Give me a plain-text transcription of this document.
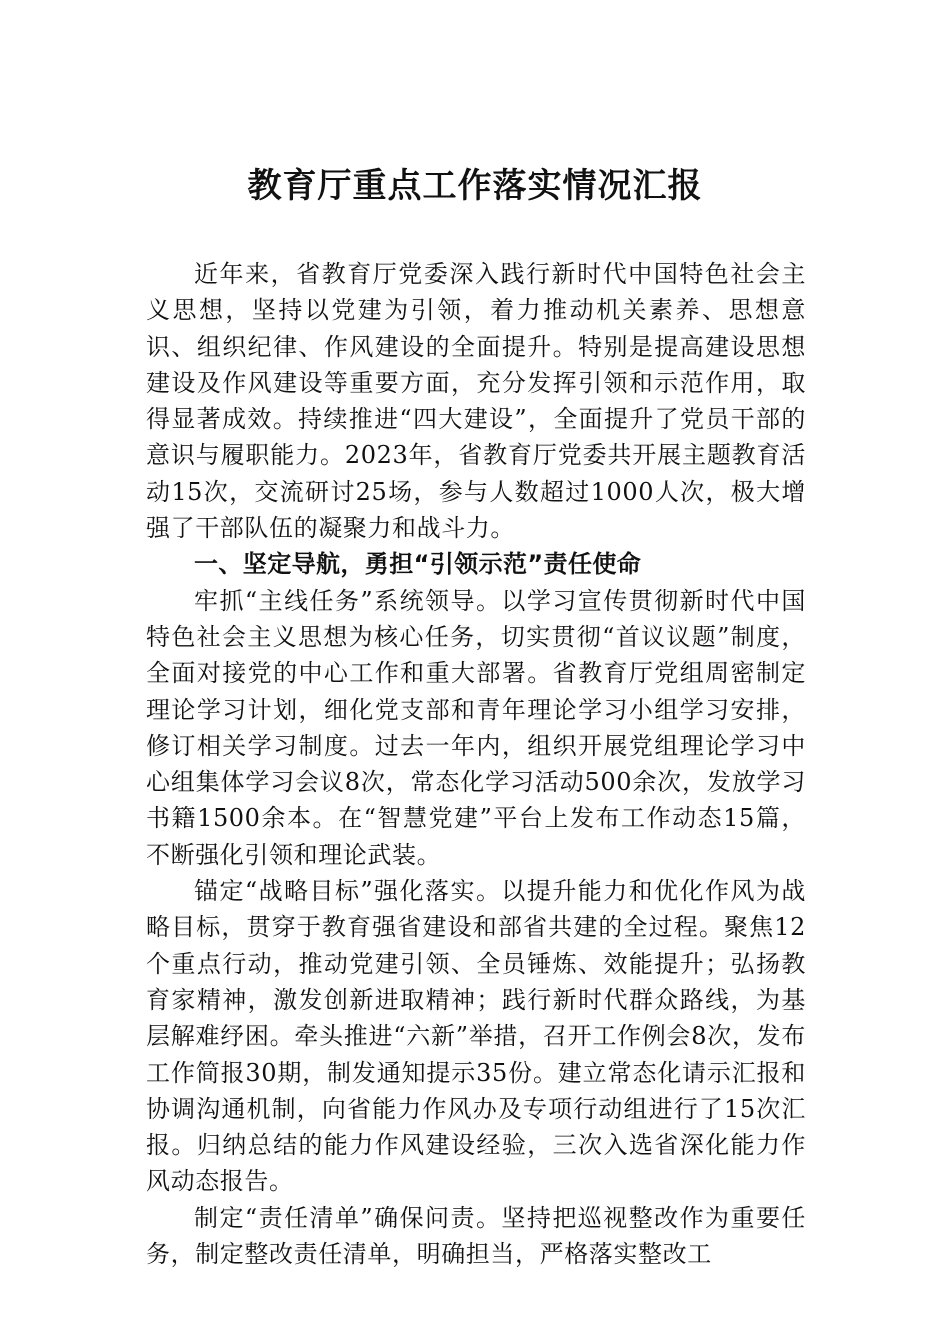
教育厅重点工作落实情况汇报

近年来，省教育厅党委深入践行新时代中国特色社会主义思想，坚持以党建为引领，着力推动机关素养、思想意识、组织纪律、作风建设的全面提升。特别是提高建设思想建设及作风建设等重要方面，充分发挥引领和示范作用，取得显著成效。持续推进“四大建设”，全面提升了党员干部的意识与履职能力。2023年，省教育厅党委共开展主题教育活动15次，交流研讨25场，参与人数超过1000人次，极大增强了干部队伍的凝聚力和战斗力。

一、坚定导航，勇担“引领示范”责任使命

牢抓“主线任务”系统领导。以学习宣传贯彻新时代中国特色社会主义思想为核心任务，切实贯彻“首议议题”制度，全面对接党的中心工作和重大部署。省教育厅党组周密制定理论学习计划，细化党支部和青年理论学习小组学习安排，修订相关学习制度。过去一年内，组织开展党组理论学习中心组集体学习会议8次，常态化学习活动500余次，发放学习书籍1500余本。在“智慧党建”平台上发布工作动态15篇，不断强化引领和理论武装。

锚定“战略目标”强化落实。以提升能力和优化作风为战略目标，贯穿于教育强省建设和部省共建的全过程。聚焦12个重点行动，推动党建引领、全员锤炼、效能提升；弘扬教育家精神，激发创新进取精神；践行新时代群众路线，为基层解难纾困。牵头推进“六新”举措，召开工作例会8次，发布工作简报30期，制发通知提示35份。建立常态化请示汇报和协调沟通机制，向省能力作风办及专项行动组进行了15次汇报。归纳总结的能力作风建设经验，三次入选省深化能力作风动态报告。

制定“责任清单”确保问责。坚持把巡视整改作为重要任务，制定整改责任清单，明确担当，严格落实整改工
